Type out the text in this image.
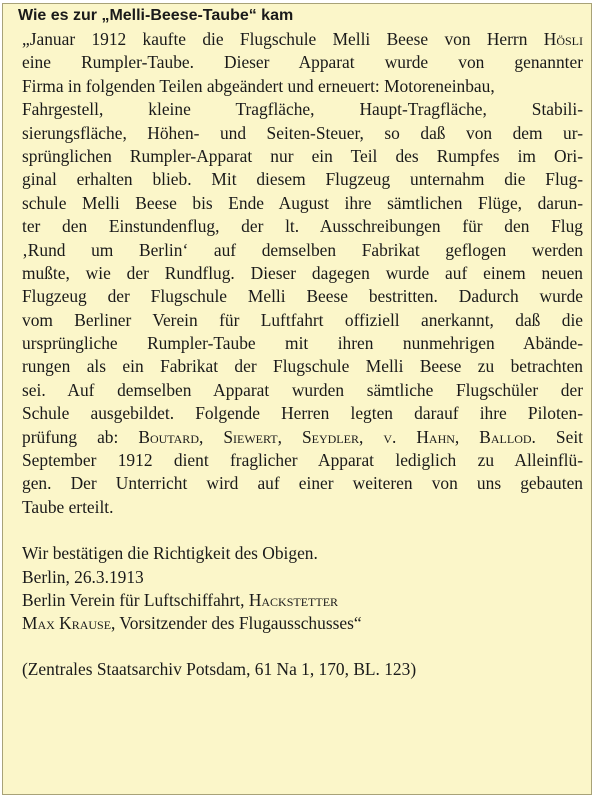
Wie es zur „Melli-Beese-Taube“ kam
„Januar 1912 kaufte die Flugschule Melli Beese von Herrn Hösli
eine Rumpler-Taube. Dieser Apparat wurde von genannter
Firma in folgenden Teilen abgeändert und erneuert: Motoreneinbau,
Fahrgestell, kleine Tragfläche, Haupt-Tragfläche, Stabili-
sierungsfläche, Höhen- und Seiten-Steuer, so daß von dem ur-
sprünglichen Rumpler-Apparat nur ein Teil des Rumpfes im Ori-
ginal erhalten blieb. Mit diesem Flugzeug unternahm die Flug-
schule Melli Beese bis Ende August ihre sämtlichen Flüge, darun-
ter den Einstundenflug, der lt. Ausschreibungen für den Flug
‚Rund um Berlin‘ auf demselben Fabrikat geflogen werden
mußte, wie der Rundflug. Dieser dagegen wurde auf einem neuen
Flugzeug der Flugschule Melli Beese bestritten. Dadurch wurde
vom Berliner Verein für Luftfahrt offiziell anerkannt, daß die
ursprüngliche Rumpler-Taube mit ihren nunmehrigen Abände-
rungen als ein Fabrikat der Flugschule Melli Beese zu betrachten
sei. Auf demselben Apparat wurden sämtliche Flugschüler der
Schule ausgebildet. Folgende Herren legten darauf ihre Piloten-
prüfung ab: Boutard, Siewert, Seydler, v. Hahn, Ballod. Seit
September 1912 dient fraglicher Apparat lediglich zu Alleinflü-
gen. Der Unterricht wird auf einer weiteren von uns gebauten
Taube erteilt.
Wir bestätigen die Richtigkeit des Obigen.
Berlin, 26.3.1913
Berlin Verein für Luftschiffahrt, Hackstetter
Max Krause, Vorsitzender des Flugausschusses“
(Zentrales Staatsarchiv Potsdam, 61 Na 1, 170, BL. 123)
